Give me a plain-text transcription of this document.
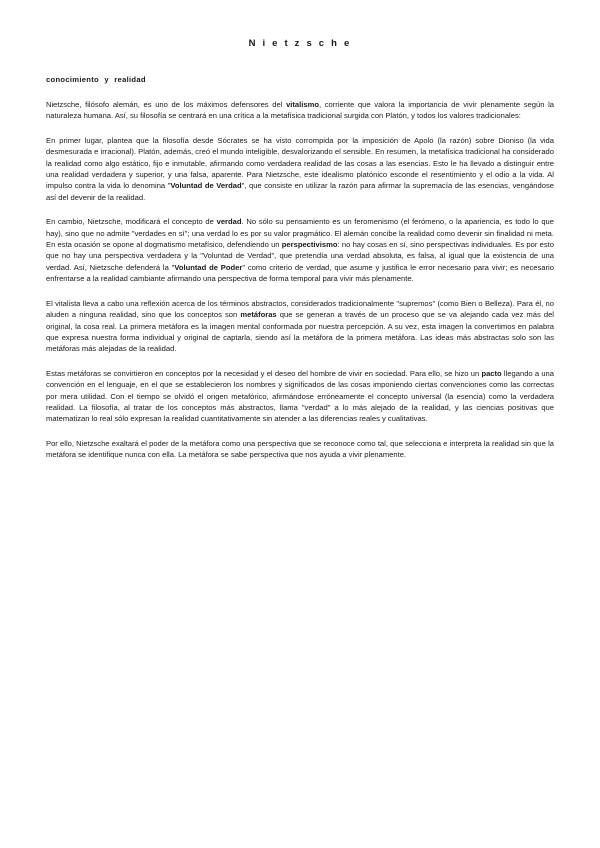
N i e t z s c h e
conocimiento y realidad

Nietzsche, filósofo alemán, es uno de los máximos defensores del vitalismo, corriente que valora la importancia de vivir plenamente según la naturaleza humana. Así, su filosofía se centrará en una crítica a la metafísica tradicional surgida con Platón, y todos los valores tradicionales:

En primer lugar, plantea que la filosofía desde Sócrates se ha visto corrompida por la imposición de Apolo (la razón) sobre Dioniso (la vida desmesurada e irracional). Platón, además, creó el mundo inteligible, desvalorizando el sensible. En resumen, la metafísica tradicional ha considerado la realidad como algo estático, fijo e inmutable, afirmando como verdadera realidad de las cosas a las esencias. Esto le ha llevado a distinguir entre una realidad verdadera y superior, y una falsa, aparente. Para Nietzsche, este idealismo platónico esconde el resentimiento y el odio a la vida. Al impulso contra la vida lo denomina "Voluntad de Verdad", que consiste en utilizar la razón para afirmar la supremacía de las esencias, vengándose así del devenir de la realidad.

En cambio, Nietzsche, modificará el concepto de verdad. No sólo su pensamiento es un feromenismo (el ferómeno, o la apariencia, es todo lo que hay), sino que no admite "verdades en sí"; una verdad lo es por su valor pragmático. El alemán concibe la realidad como devenir sin finalidad ni meta. En esta ocasión se opone al dogmatismo metafísico, defendiendo un perspectivismo: no hay cosas en sí, sino perspectivas individuales. Es por esto que no hay una perspectiva verdadera y la "Voluntad de Verdad", que pretendía una verdad absoluta, es falsa, al igual que la existencia de una verdad. Así, Nietzsche defenderá la "Voluntad de Poder" como criterio de verdad, que asume y justifica le error necesario para vivir; es necesario enfrentarse a la realidad cambiante afirmando una perspectiva de forma temporal para vivir más plenamente.

El vitalista lleva a cabo una reflexión acerca de los términos abstractos, considerados tradicionalmente "supremos" (como Bien o Belleza). Para él, no aluden a ninguna realidad, sino que los conceptos son metáforas que se generan a través de un proceso que se va alejando cada vez más del original, la cosa real. La primera metáfora es la imagen mental conformada por nuestra percepción. A su vez, esta imagen la convertimos en palabra que expresa nuestra forma individual y original de captarla, siendo así la metáfora de la primera metáfora. Las ideas más abstractas solo son las metáforas más alejadas de la realidad.

Estas metáforas se convirtieron en conceptos por la necesidad y el deseo del hombre de vivir en sociedad. Para ello, se hizo un pacto llegando a una convención en el lenguaje, en el que se establecieron los nombres y significados de las cosas imponiendo ciertas convenciones como las correctas por mera utilidad. Con el tiempo se olvidó el origen metafórico, afirmándose erróneamente el concepto universal (la esencia) como la verdadera realidad. La filosofía, al tratar de los conceptos más abstractos, llama "verdad" a lo más alejado de la realidad, y las ciencias positivas que matematizan lo real sólo expresan la realidad cuantitativamente sin atender a las diferencias reales y cualitativas.

Por ello, Nietzsche exaltará el poder de la metáfora como una perspectiva que se reconoce como tal, que selecciona e interpreta la realidad sin que la metáfora se identifique nunca con ella. La metáfora se sabe perspectiva que nos ayuda a vivir plenamente.
